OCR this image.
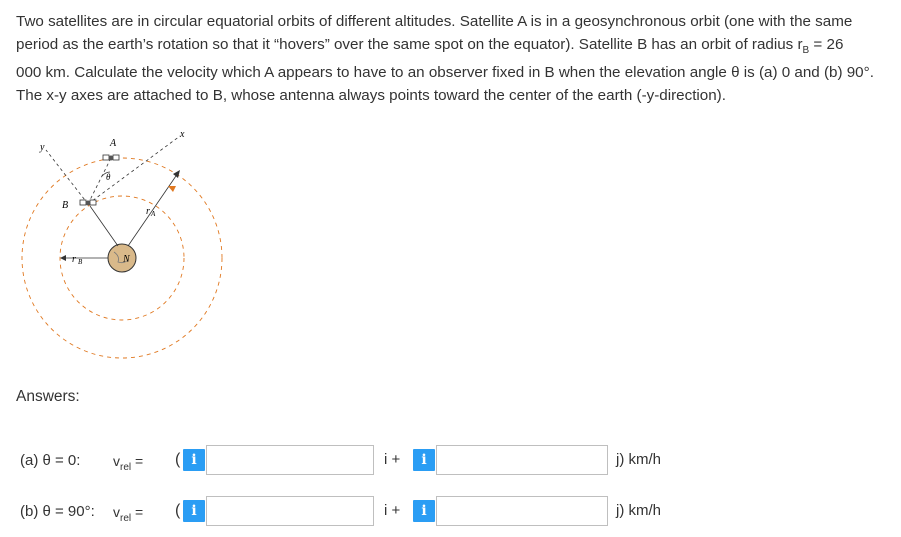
Two satellites are in circular equatorial orbits of different altitudes. Satellite A is in a geosynchronous orbit (one with the same
period as the earth’s rotation so that it “hovers” over the same spot on the equator). Satellite B has an orbit of radius $r_B = 26$
000 km. Calculate the velocity which A appears to have to an observer fixed in B when the elevation angle θ is (a) 0 and (b) 90°.
The x-y axes are attached to B, whose antenna always points toward the center of the earth (-y-direction).
N
r B
r A
x
y
B
A
θ
Answers:
(a) θ = 0: $v_{rel}$ = ( i	i +	i	j) km/h
(b) θ = 90°: $v_{rel}$ = ( i	i +	i	j) km/h
